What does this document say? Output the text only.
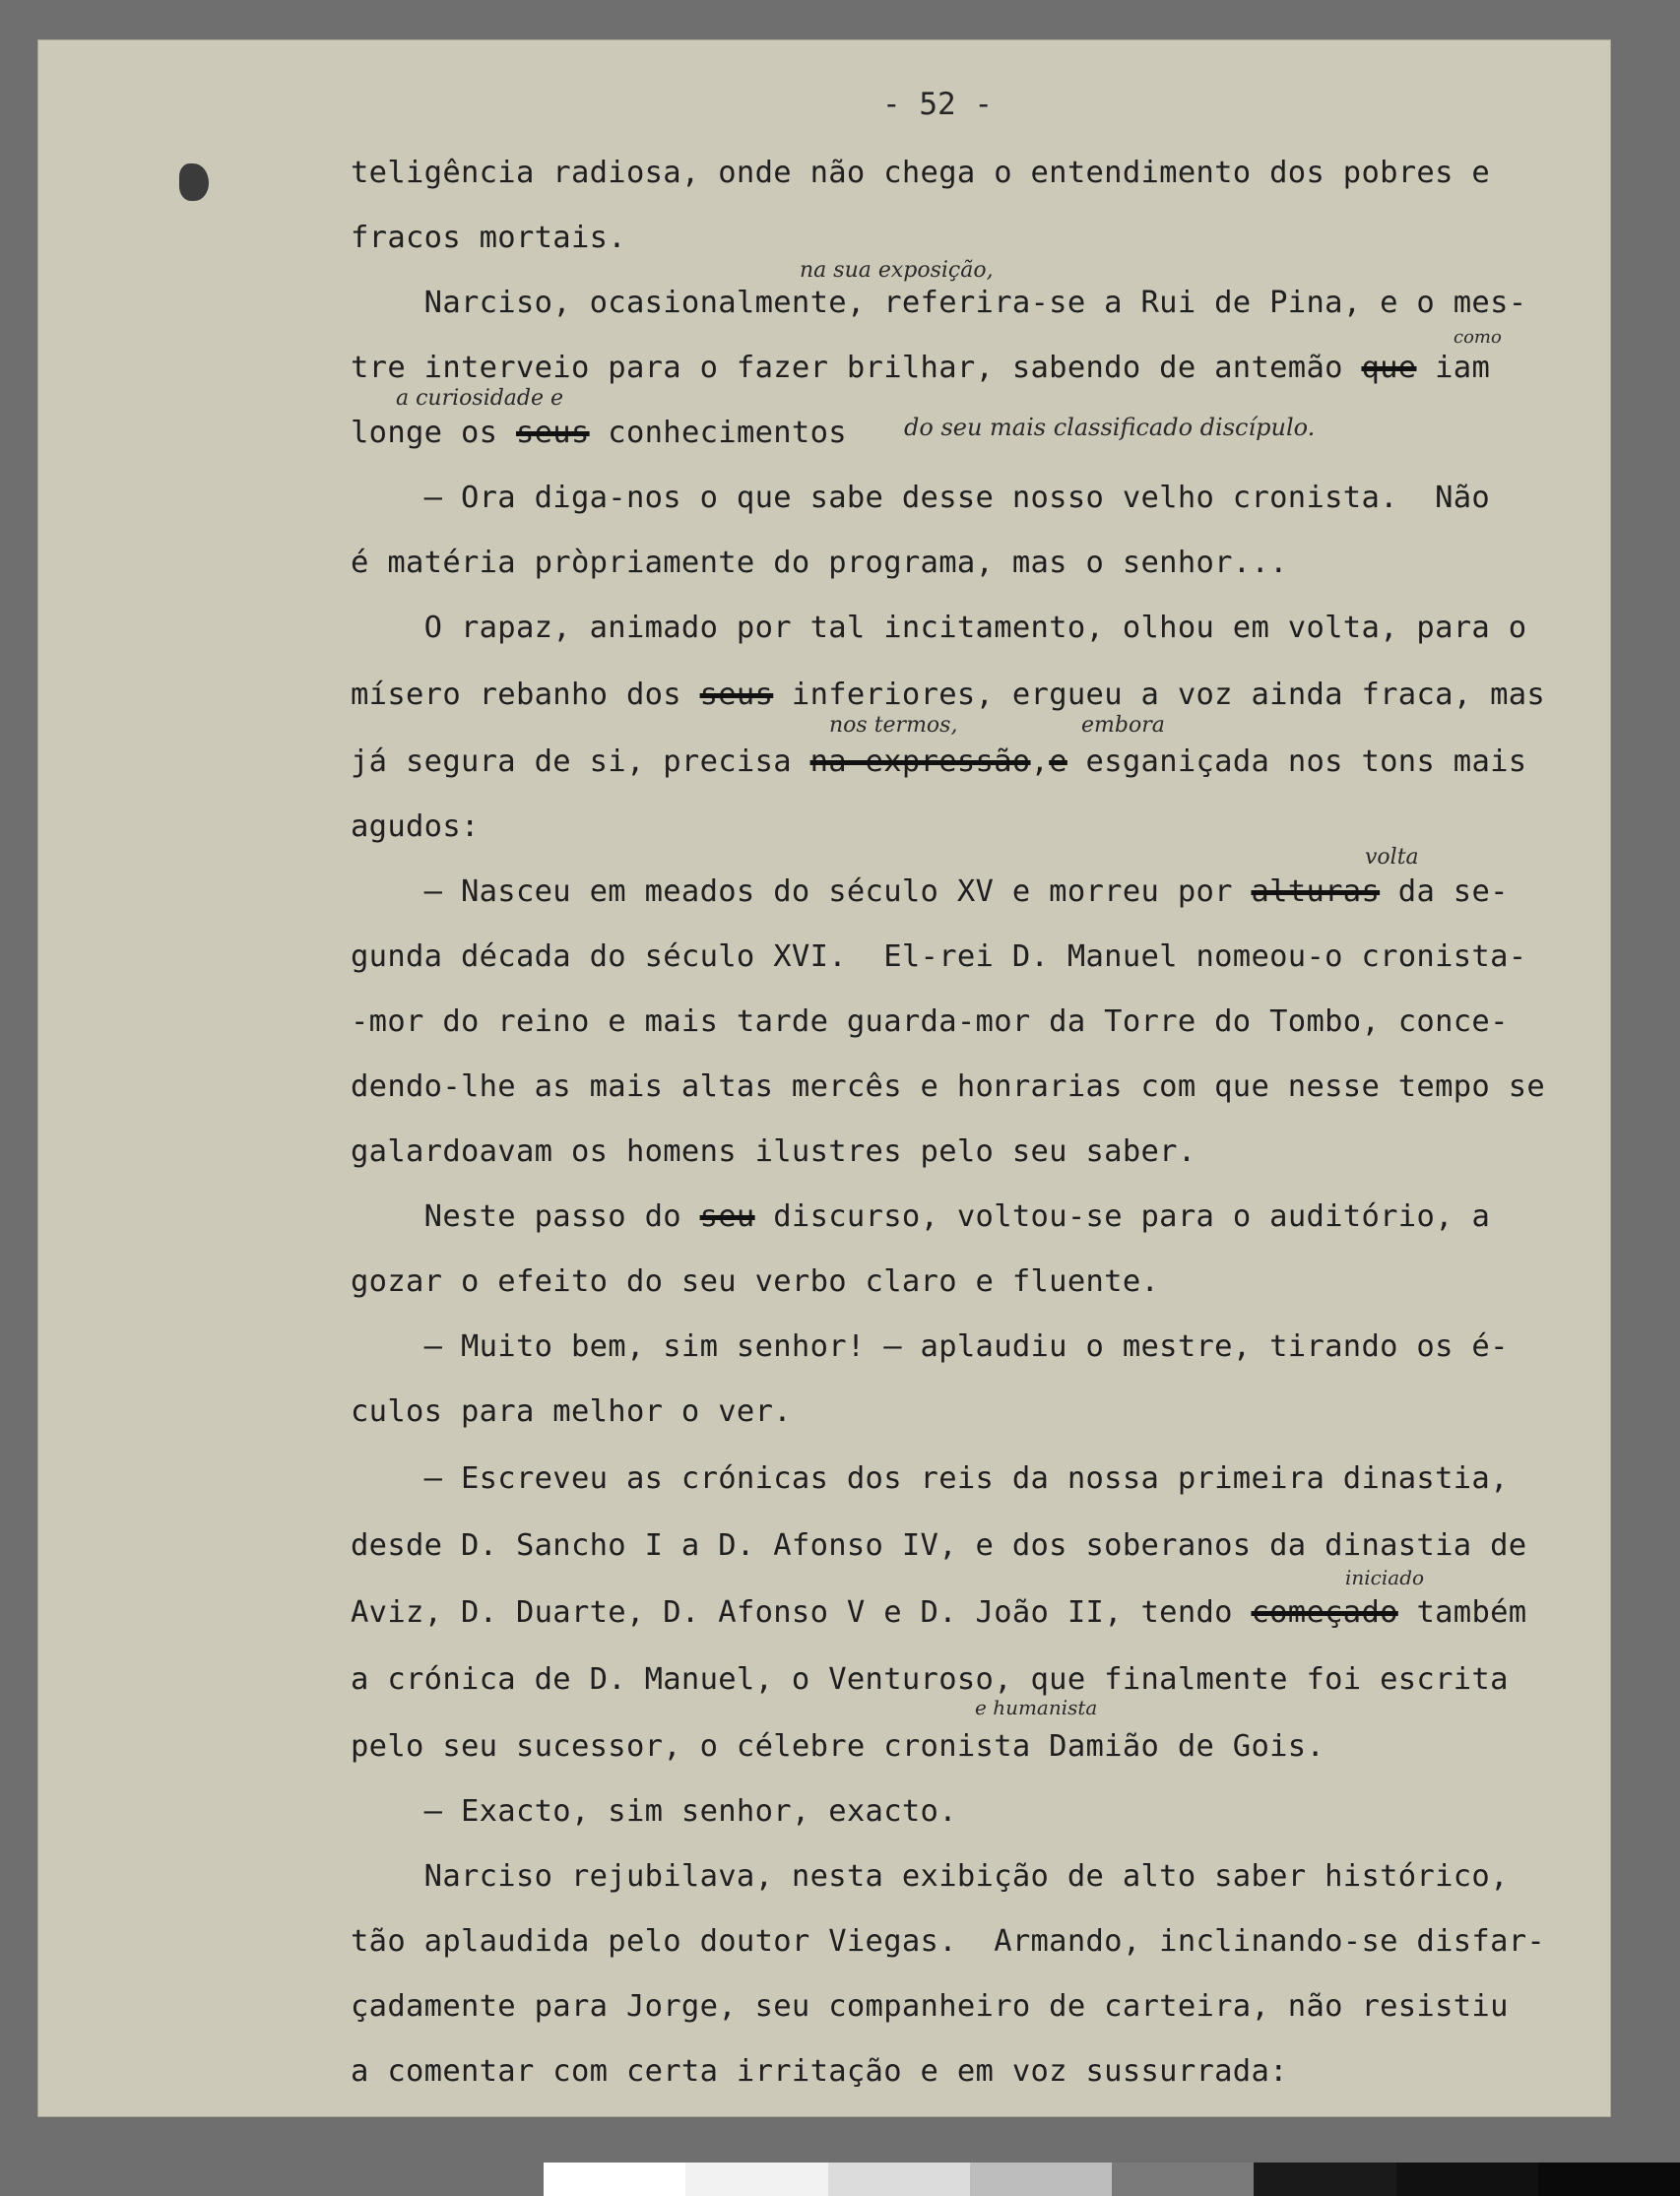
- 52 -
na sua exposição,
como
a curiosidade e
do seu mais classificado discípulo.
nos termos,	embora
volta
iniciado
e humanista
teligência radiosa, onde não chega o entendimento dos pobres e
fracos mortais.
Narciso, ocasionalmente, referira-se a Rui de Pina, e o mes-
tre interveio para o fazer brilhar, sabendo de antemão que iam
longe os seus conhecimentos
— Ora diga-nos o que sabe desse nosso velho cronista.  Não
é matéria pròpriamente do programa, mas o senhor...
O rapaz, animado por tal incitamento, olhou em volta, para o
mísero rebanho dos seus inferiores, ergueu a voz ainda fraca, mas
já segura de si, precisa na expressão,e esganiçada nos tons mais
agudos:
— Nasceu em meados do século XV e morreu por alturas da se-
gunda década do século XVI.  El-rei D. Manuel nomeou-o cronista-
-mor do reino e mais tarde guarda-mor da Torre do Tombo, conce-
dendo-lhe as mais altas mercês e honrarias com que nesse tempo se
galardoavam os homens ilustres pelo seu saber.
Neste passo do seu discurso, voltou-se para o auditório, a
gozar o efeito do seu verbo claro e fluente.
— Muito bem, sim senhor! — aplaudiu o mestre, tirando os é-
culos para melhor o ver.
— Escreveu as crónicas dos reis da nossa primeira dinastia,
desde D. Sancho I a D. Afonso IV, e dos soberanos da dinastia de
Aviz, D. Duarte, D. Afonso V e D. João II, tendo começado também
a crónica de D. Manuel, o Venturoso, que finalmente foi escrita
pelo seu sucessor, o célebre cronista Damião de Gois.
— Exacto, sim senhor, exacto.
Narciso rejubilava, nesta exibição de alto saber histórico,
tão aplaudida pelo doutor Viegas.  Armando, inclinando-se disfar-
çadamente para Jorge, seu companheiro de carteira, não resistiu
a comentar com certa irritação e em voz sussurrada:
